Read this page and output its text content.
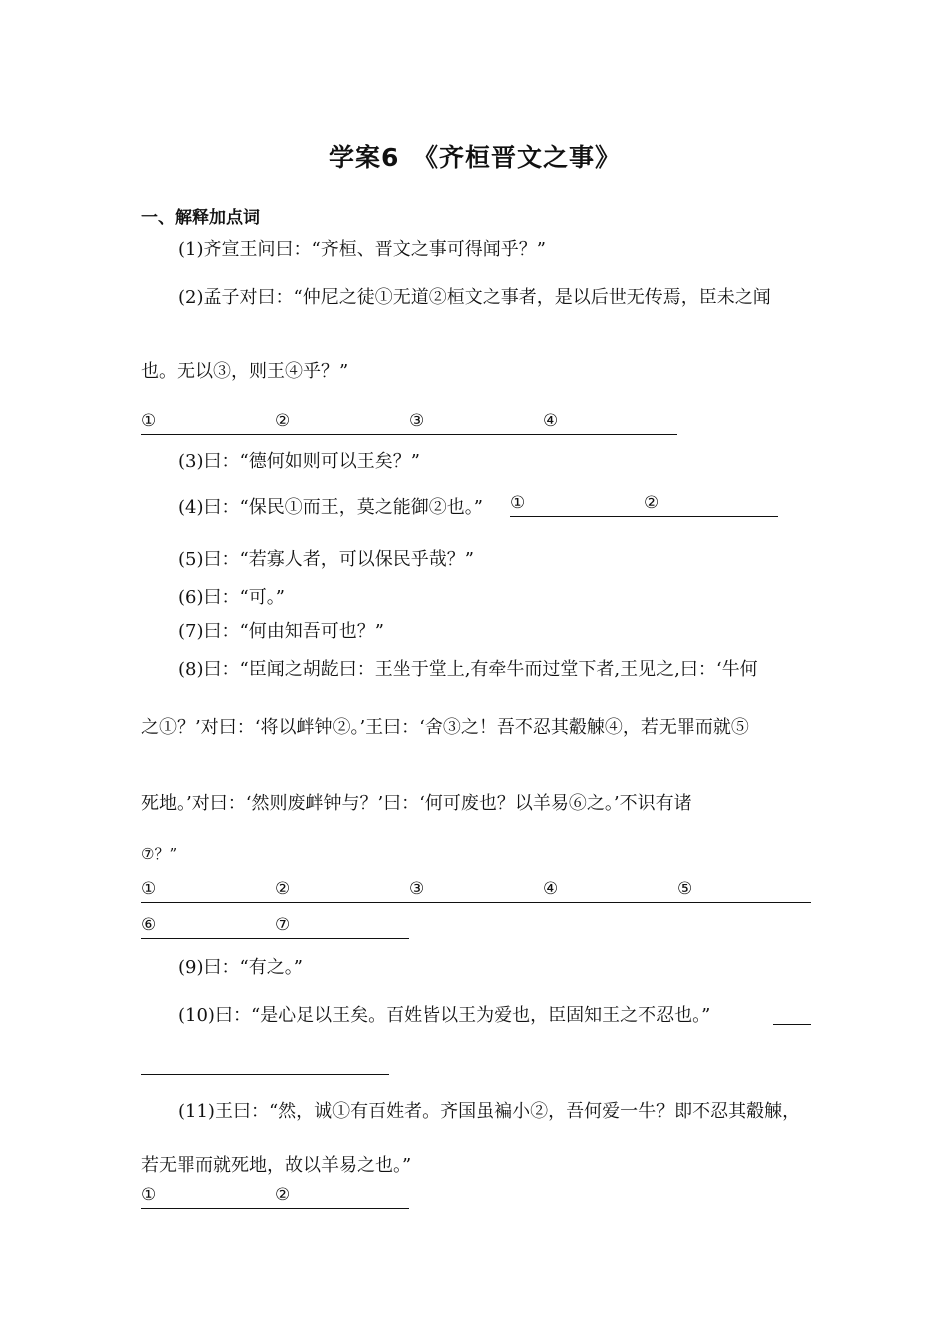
学案6　《齐桓晋文之事》
一、解释加点词
(1)齐宣王问曰：“齐桓、晋文之事可得闻乎？”
(2)孟子对曰：“仲尼之徒①无道②桓文之事者，是以后世无传焉，臣未之闻
也。无以③，则王④乎？”
①	②	③	④
(3)曰：“德何如则可以王矣？”
(4)曰：“保民①而王，莫之能御②也。” ①	②
(5)曰：“若寡人者，可以保民乎哉？”
(6)曰：“可。”
(7)曰：“何由知吾可也？”
(8)曰：“臣闻之胡龁曰：王坐于堂上,有牵牛而过堂下者,王见之,曰：‘牛何
之①？’对曰：‘将以衅钟②。’王曰：‘舍③之！吾不忍其觳觫④，若无罪而就⑤
死地。’对曰：‘然则废衅钟与？’曰：‘何可废也？以羊易⑥之。’不识有诸
⑦？”
①	②	③	④	⑤
⑥	⑦
(9)曰：“有之。”
(10)曰：“是心足以王矣。百姓皆以王为爱也，臣固知王之不忍也。”
(11)王曰：“然，诚①有百姓者。齐国虽褊小②，吾何爱一牛？即不忍其觳觫，
若无罪而就死地，故以羊易之也。”
①	②
